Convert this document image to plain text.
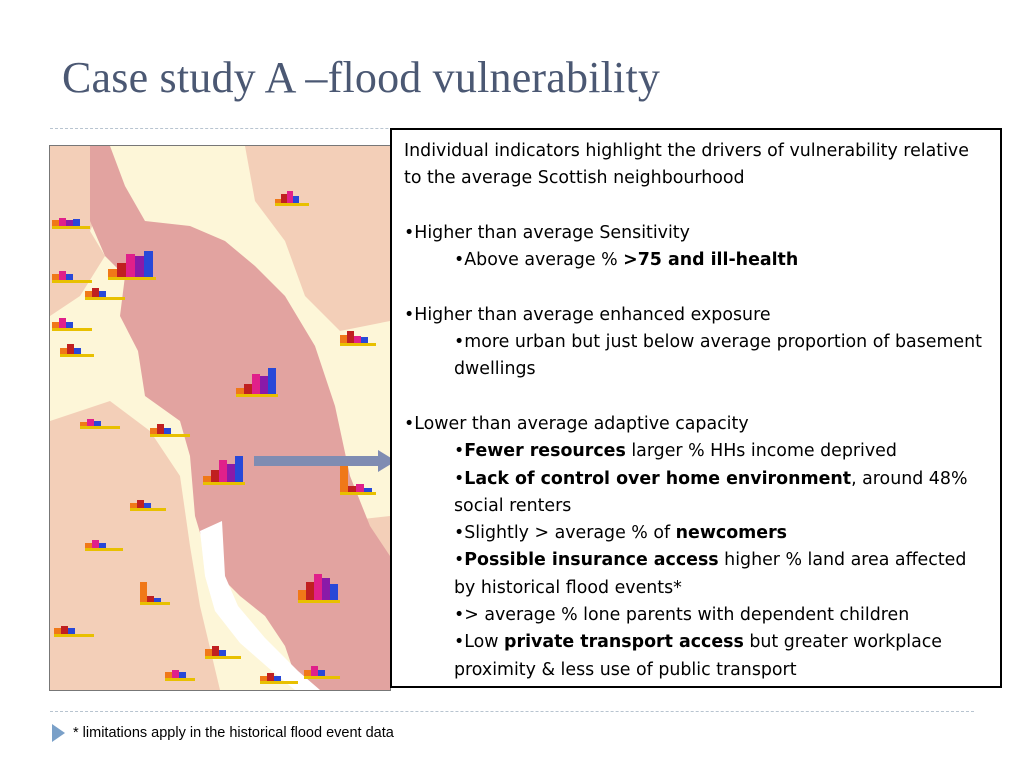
Case study A –flood vulnerability

Individual indicators highlight the drivers of vulnerability relative to the average Scottish neighbourhood

•Higher than average Sensitivity

•Above average % >75 and ill-health

•Higher than average enhanced exposure

•more urban but just below average proportion of basement dwellings

•Lower than average adaptive capacity

•Fewer resources larger % HHs income deprived

•Lack of control over home environment, around 48% social renters

•Slightly > average % of newcomers

•Possible insurance access higher % land area affected by historical flood events*

•> average % lone parents with dependent children

•Low private transport access but greater workplace proximity & less use of public transport

* limitations apply in the historical flood event data
